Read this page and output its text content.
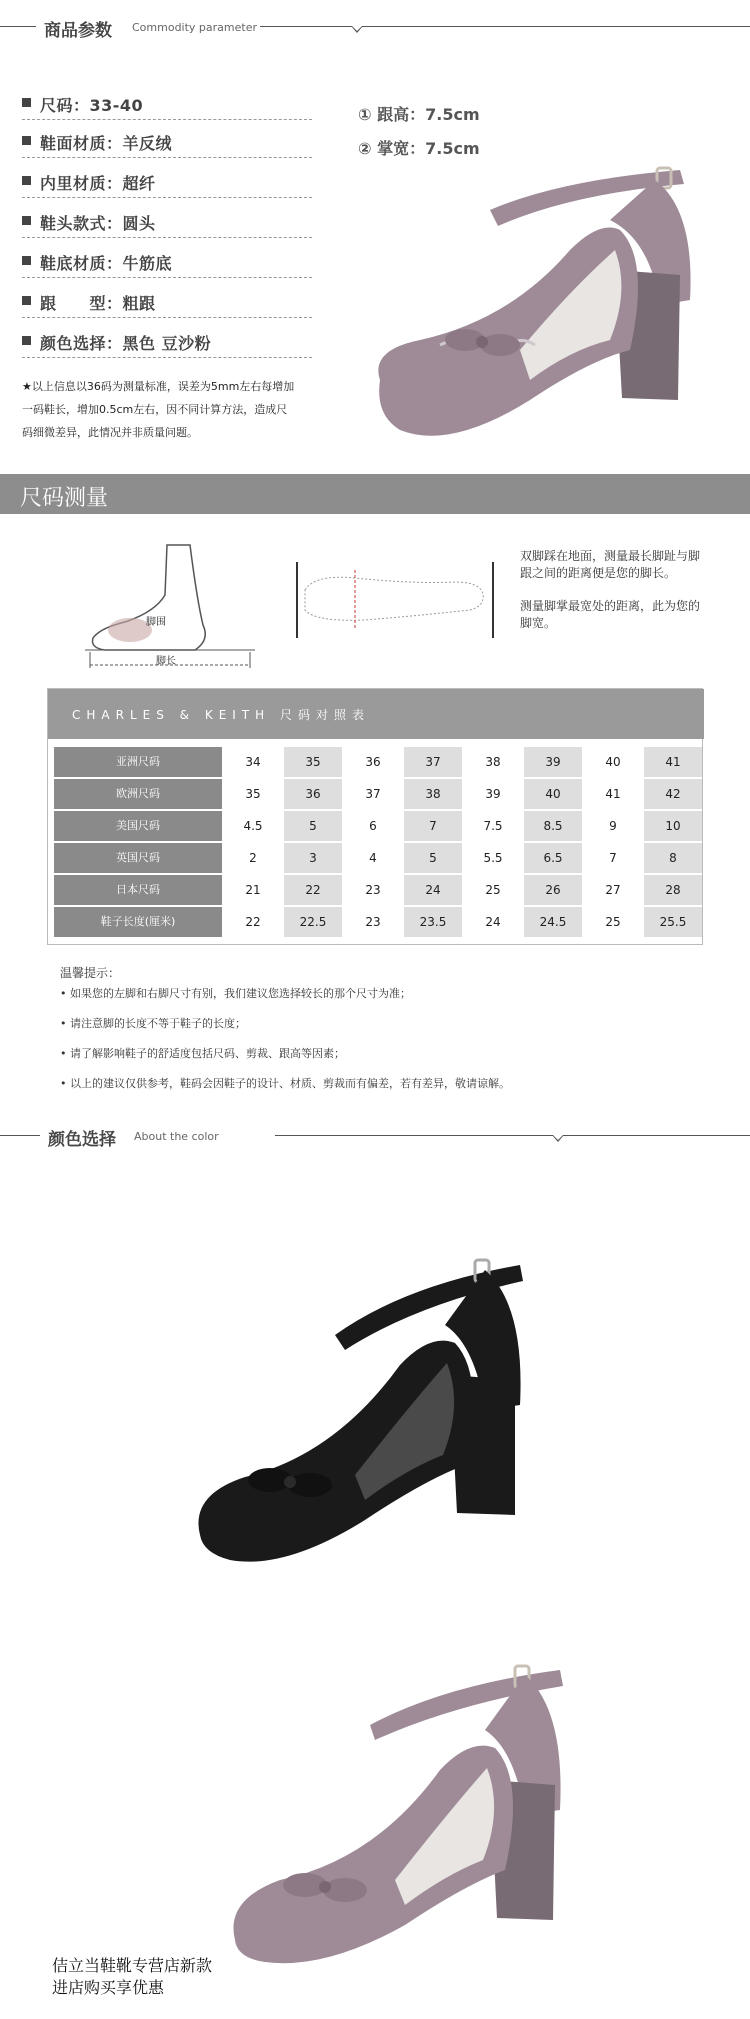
商品参数 Commodity parameter
尺码：33-40
鞋面材质：羊反绒
内里材质：超纤
鞋头款式：圆头
鞋底材质：牛筋底
跟　　型：粗跟
颜色选择：黑色 豆沙粉
① 跟高：7.5cm
② 掌宽：7.5cm
★以上信息以36码为测量标准，误差为5mm左右每增加
一码鞋长，增加0.5cm左右，因不同计算方法，造成尺
码细微差异，此情况并非质量问题。
尺码测量
脚围
脚长
双脚踩在地面，测量最长脚趾与脚
跟之间的距离便是您的脚长。
测量脚掌最宽处的距离，此为您的
脚宽。
CHARLES & KEITH 尺码对照表
亚洲尺码	34	35	36	37	38	39	40	41
欧洲尺码	35	36	37	38	39	40	41	42
美国尺码	4.5	5	6	7	7.5	8.5	9	10
英国尺码	2	3	4	5	5.5	6.5	7	8
日本尺码	21	22	23	24	25	26	27	28
鞋子长度(厘米)	22	22.5	23	23.5	24	24.5	25	25.5
温馨提示：
• 如果您的左脚和右脚尺寸有别，我们建议您选择较长的那个尺寸为准；
• 请注意脚的长度不等于鞋子的长度；
• 请了解影响鞋子的舒适度包括尺码、剪裁、跟高等因素；
• 以上的建议仅供参考，鞋码会因鞋子的设计、材质、剪裁而有偏差，若有差异，敬请谅解。
颜色选择 About the color
佶立当鞋靴专营店新款
进店购买享优惠
